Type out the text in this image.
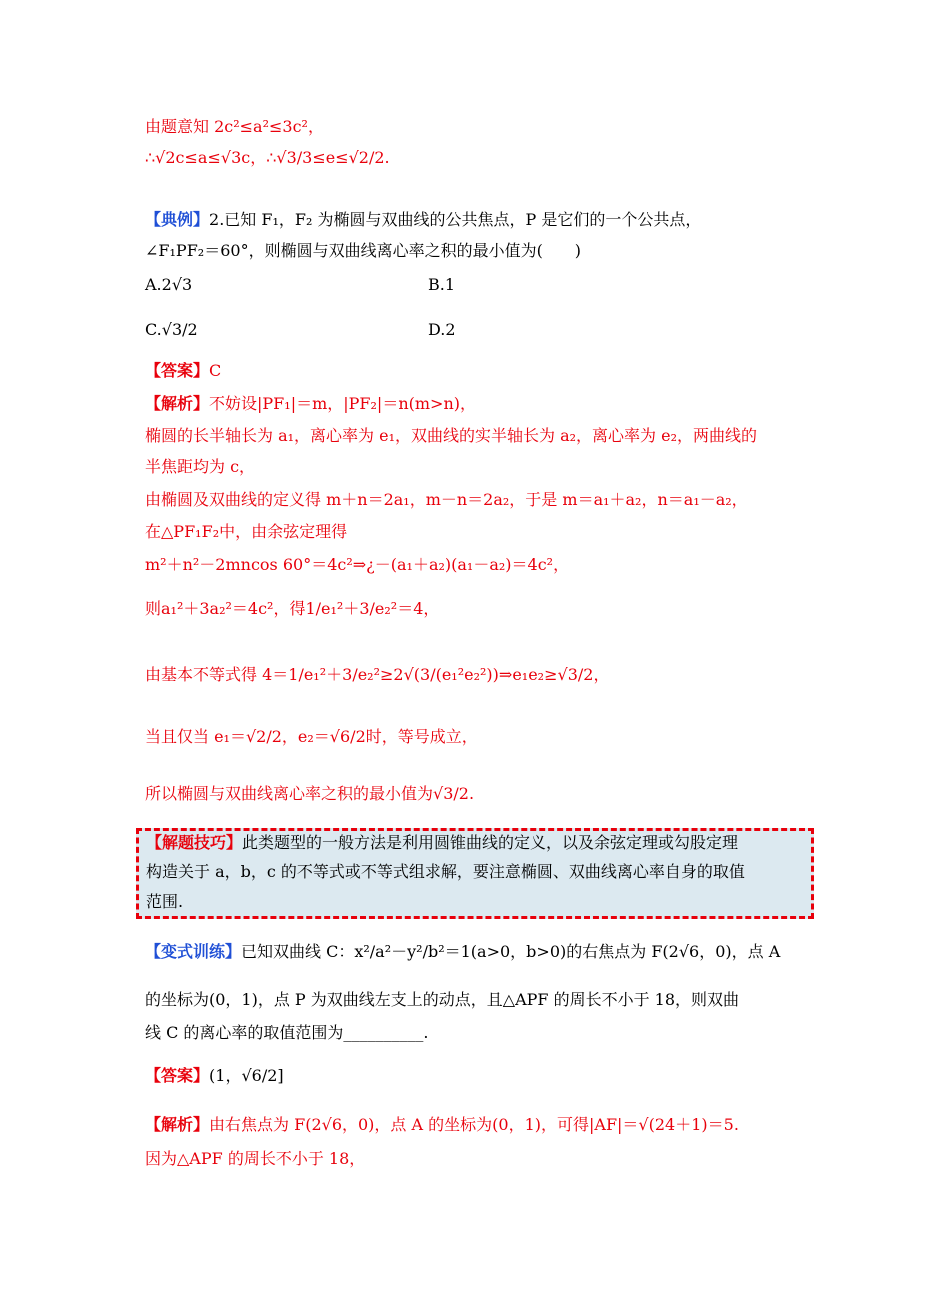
由题意知 2c²≤a²≤3c²，
∴√2c≤a≤√3c，∴√3/3≤e≤√2/2.
【典例】2.已知 F₁，F₂ 为椭圆与双曲线的公共焦点，P 是它们的一个公共点，
∠F₁PF₂＝60°，则椭圆与双曲线离心率之积的最小值为(　　)
A.2√3	B.1
C.√3/2	D.2
【答案】C
【解析】不妨设|PF₁|＝m，|PF₂|＝n(m>n)，
椭圆的长半轴长为 a₁，离心率为 e₁，双曲线的实半轴长为 a₂，离心率为 e₂，两曲线的
半焦距均为 c，
由椭圆及双曲线的定义得 m＋n＝2a₁，m－n＝2a₂，于是 m＝a₁＋a₂，n＝a₁－a₂，
在△PF₁F₂中，由余弦定理得
m²＋n²－2mncos 60°＝4c²⇒¿－(a₁＋a₂)(a₁－a₂)＝4c²，
则a₁²＋3a₂²＝4c²，得1/e₁²＋3/e₂²＝4，
由基本不等式得 4＝1/e₁²＋3/e₂²≥2√(3/(e₁²e₂²))⇒e₁e₂≥√3/2，
当且仅当 e₁＝√2/2，e₂＝√6/2时，等号成立，
所以椭圆与双曲线离心率之积的最小值为√3/2.
【解题技巧】此类题型的一般方法是利用圆锥曲线的定义，以及余弦定理或勾股定理
构造关于 a，b，c 的不等式或不等式组求解，要注意椭圆、双曲线离心率自身的取值
范围.
【变式训练】已知双曲线 C：x²/a²－y²/b²＝1(a>0，b>0)的右焦点为 F(2√6，0)，点 A
的坐标为(0，1)，点 P 为双曲线左支上的动点，且△APF 的周长不小于 18，则双曲
线 C 的离心率的取值范围为__________.
【答案】(1，√6/2]
【解析】由右焦点为 F(2√6，0)，点 A 的坐标为(0，1)，可得|AF|＝√(24＋1)＝5.
因为△APF 的周长不小于 18，
